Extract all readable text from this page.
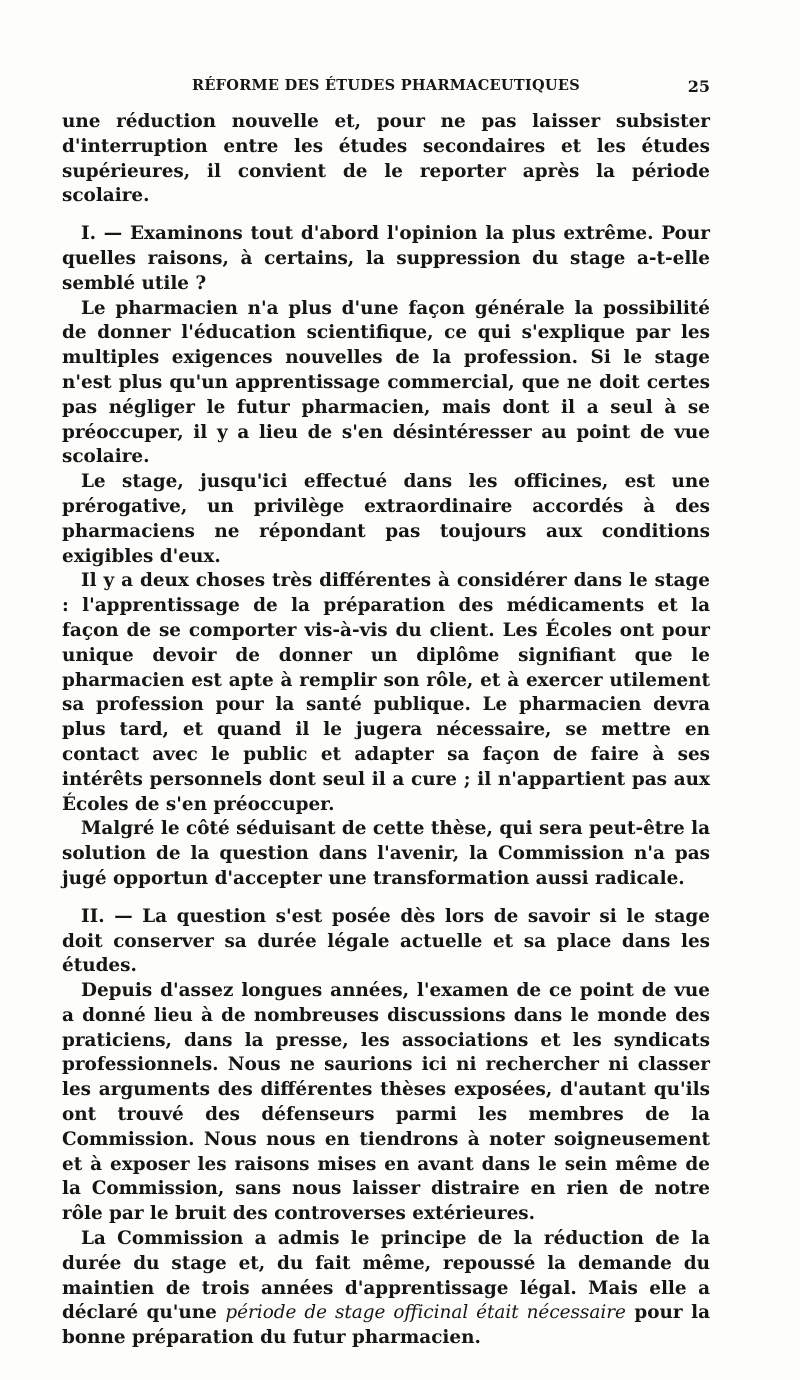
RÉFORME DES ÉTUDES PHARMACEUTIQUES	25

une réduction nouvelle et, pour ne pas laisser subsister d'interruption entre les études secondaires et les études supérieures, il convient de le reporter après la période scolaire.

I. — Examinons tout d'abord l'opinion la plus extrême. Pour quelles raisons, à certains, la suppression du stage a-t-elle semblé utile ?

Le pharmacien n'a plus d'une façon générale la possibilité de donner l'éducation scientifique, ce qui s'explique par les multiples exigences nouvelles de la profession. Si le stage n'est plus qu'un apprentissage commercial, que ne doit certes pas négliger le futur pharmacien, mais dont il a seul à se préoccuper, il y a lieu de s'en désintéresser au point de vue scolaire.

Le stage, jusqu'ici effectué dans les officines, est une prérogative, un privilège extraordinaire accordés à des pharmaciens ne répondant pas toujours aux conditions exigibles d'eux.

Il y a deux choses très différentes à considérer dans le stage : l'apprentissage de la préparation des médicaments et la façon de se comporter vis-à-vis du client. Les Écoles ont pour unique devoir de donner un diplôme signifiant que le pharmacien est apte à remplir son rôle, et à exercer utilement sa profession pour la santé publique. Le pharmacien devra plus tard, et quand il le jugera nécessaire, se mettre en contact avec le public et adapter sa façon de faire à ses intérêts personnels dont seul il a cure ; il n'appartient pas aux Écoles de s'en préoccuper.

Malgré le côté séduisant de cette thèse, qui sera peut-être la solution de la question dans l'avenir, la Commission n'a pas jugé opportun d'accepter une transformation aussi radicale.

II. — La question s'est posée dès lors de savoir si le stage doit conserver sa durée légale actuelle et sa place dans les études.

Depuis d'assez longues années, l'examen de ce point de vue a donné lieu à de nombreuses discussions dans le monde des praticiens, dans la presse, les associations et les syndicats professionnels. Nous ne saurions ici ni rechercher ni classer les arguments des différentes thèses exposées, d'autant qu'ils ont trouvé des défenseurs parmi les membres de la Commission. Nous nous en tiendrons à noter soigneusement et à exposer les raisons mises en avant dans le sein même de la Commission, sans nous laisser distraire en rien de notre rôle par le bruit des controverses extérieures.

La Commission a admis le principe de la réduction de la durée du stage et, du fait même, repoussé la demande du maintien de trois années d'apprentissage légal. Mais elle a déclaré qu'une période de stage officinal était nécessaire pour la bonne préparation du futur pharmacien.
